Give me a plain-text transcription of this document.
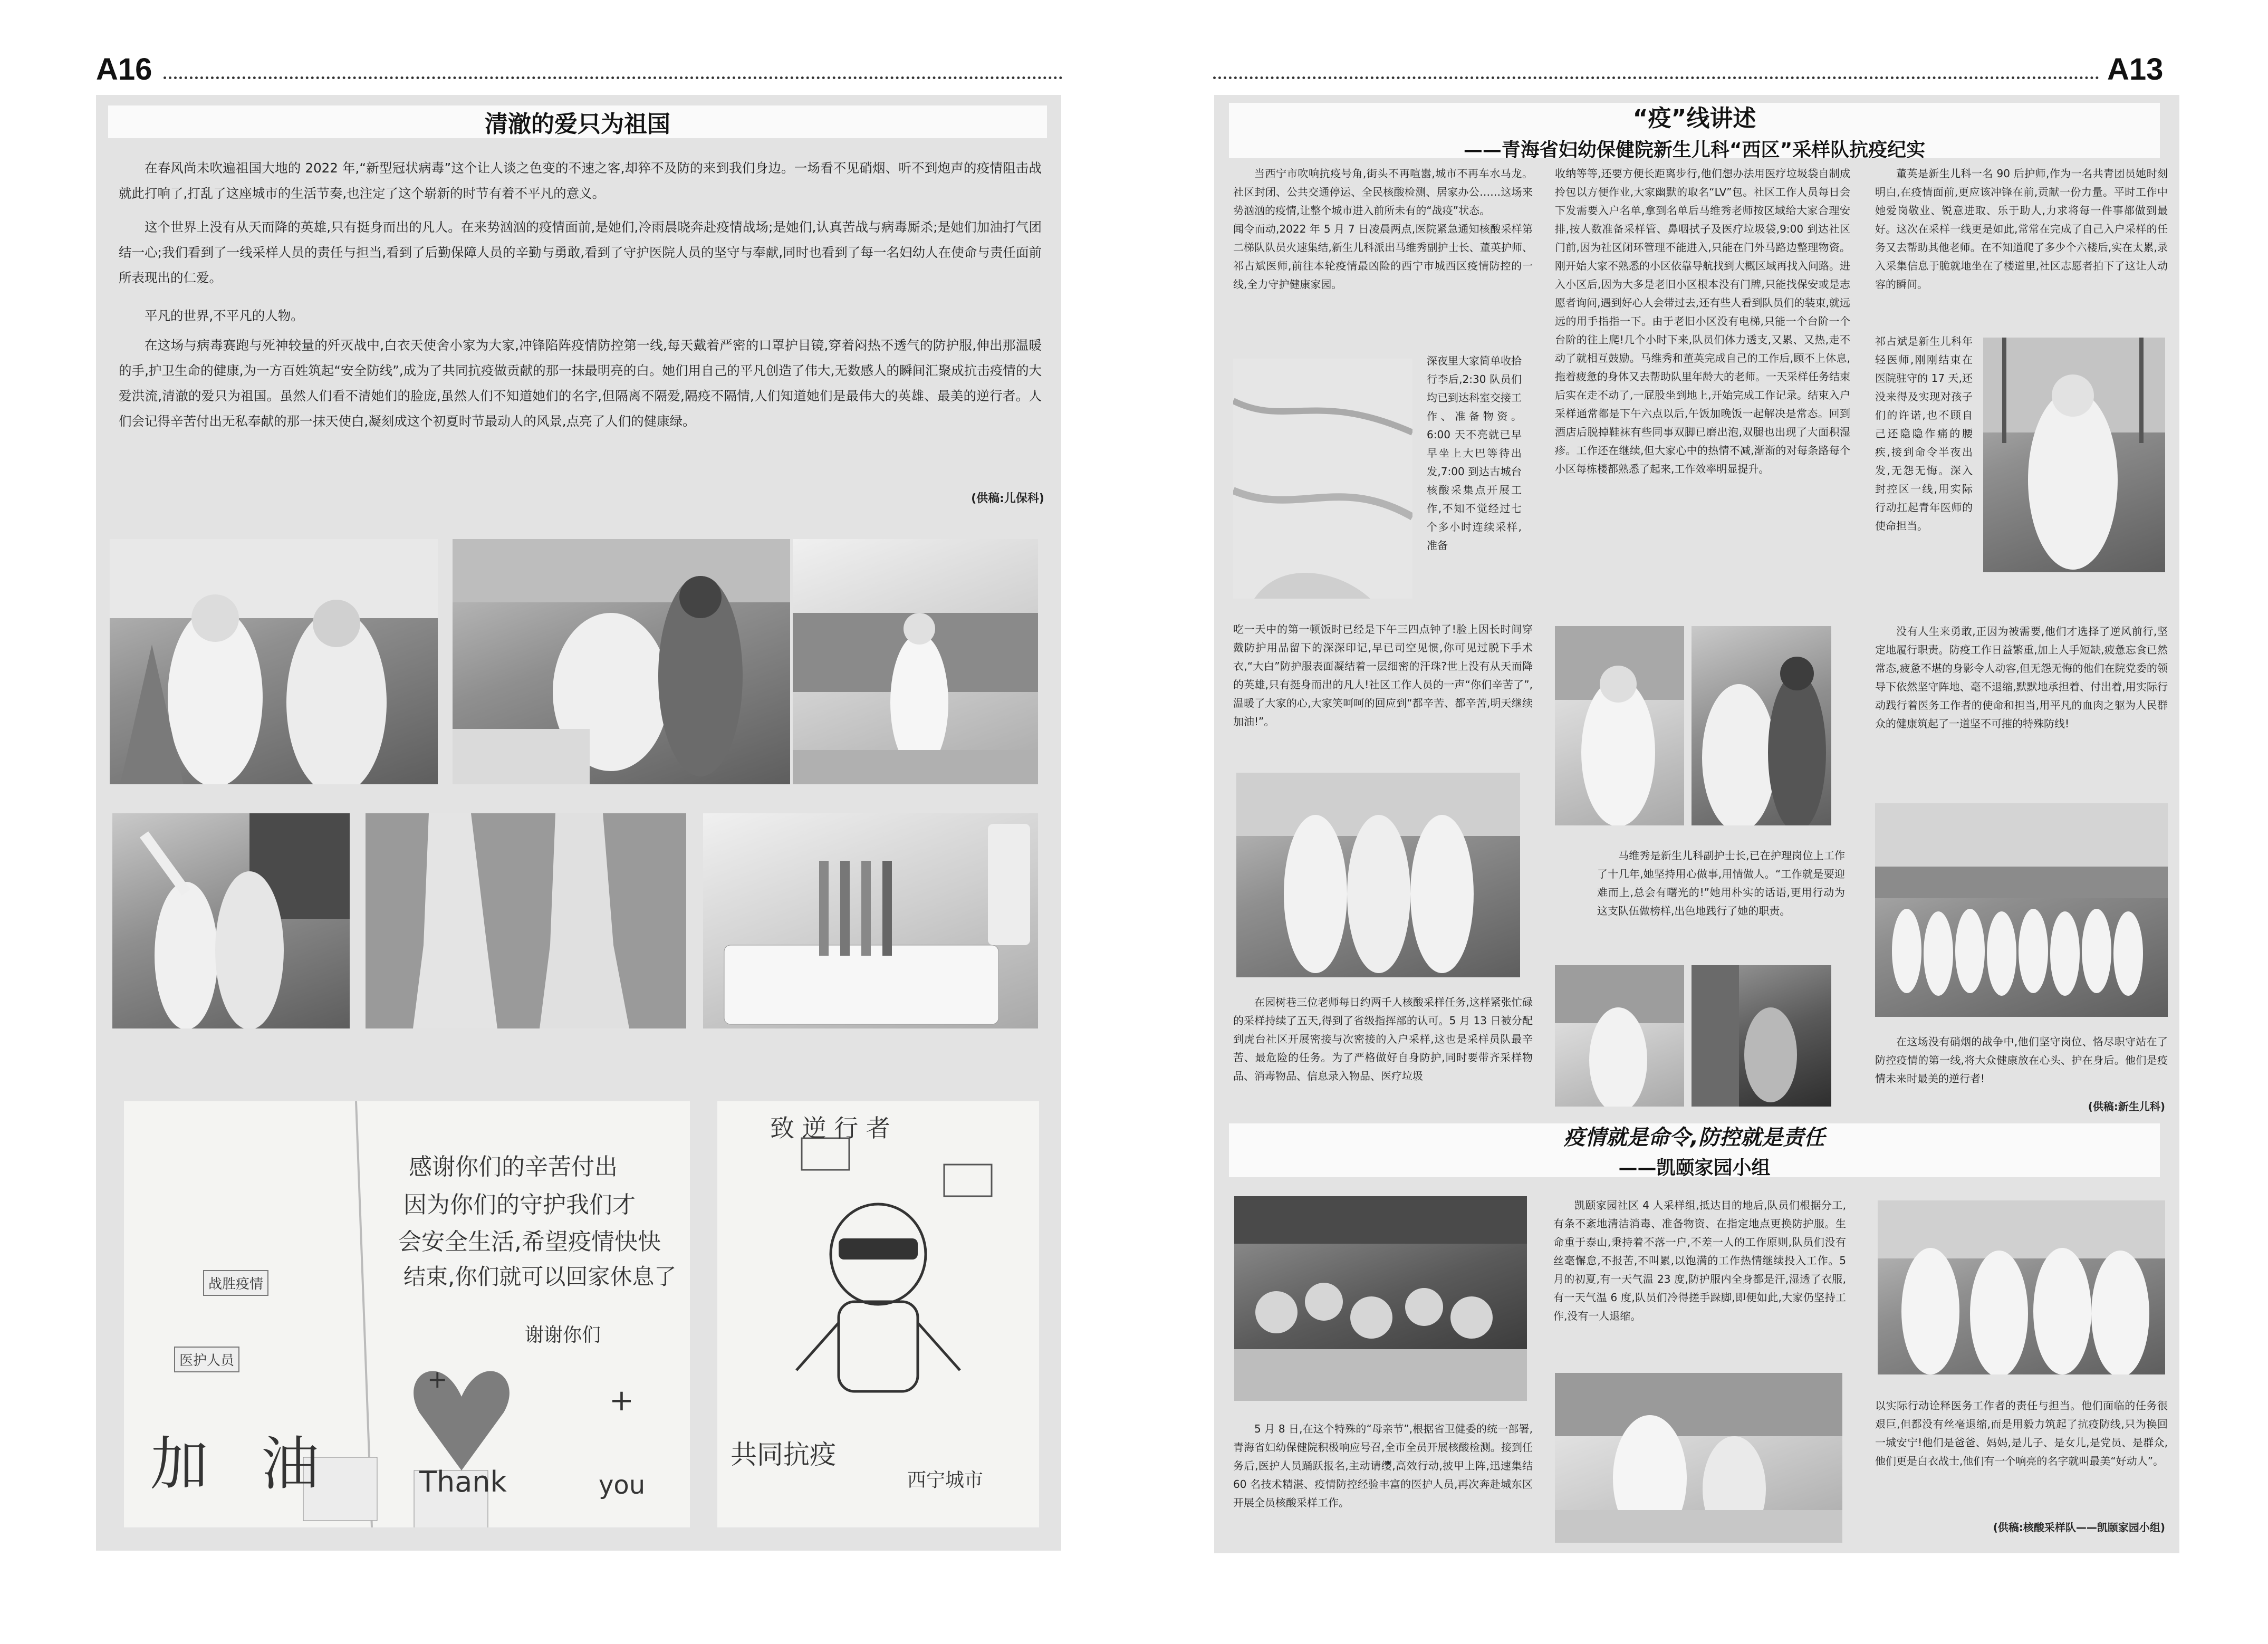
A16
清澈的爱只为祖国

在春风尚未吹遍祖国大地的 2022 年,“新型冠状病毒”这个让人谈之色变的不速之客,却猝不及防的来到我们身边。一场看不见硝烟、听不到炮声的疫情阻击战就此打响了,打乱了这座城市的生活节奏,也注定了这个崭新的时节有着不平凡的意义。

这个世界上没有从天而降的英雄,只有挺身而出的凡人。在来势汹汹的疫情面前,是她们,冷雨晨晓奔赴疫情战场;是她们,认真苦战与病毒厮杀;是她们加油打气团结一心;我们看到了一线采样人员的责任与担当,看到了后勤保障人员的辛勤与勇敢,看到了守护医院人员的坚守与奉献,同时也看到了每一名妇幼人在使命与责任面前所表现出的仁爱。

平凡的世界,不平凡的人物。

在这场与病毒赛跑与死神较量的歼灭战中,白衣天使舍小家为大家,冲锋陷阵疫情防控第一线,每天戴着严密的口罩护目镜,穿着闷热不透气的防护服,伸出那温暖的手,护卫生命的健康,为一方百姓筑起“安全防线”,成为了共同抗疫做贡献的那一抹最明亮的白。她们用自己的平凡创造了伟大,无数感人的瞬间汇聚成抗击疫情的大爱洪流,清澈的爱只为祖国。虽然人们看不清她们的脸庞,虽然人们不知道她们的名字,但隔离不隔爱,隔疫不隔情,人们知道她们是最伟大的英雄、最美的逆行者。人们会记得辛苦付出无私奉献的那一抹天使白,凝刻成这个初夏时节最动人的风景,点亮了人们的健康绿。

(供稿:儿保科)
感谢你们的辛苦付出
因为你们的守护我们才
会安全生活,希望疫情快快
结束,你们就可以回家休息了
战胜疫情
医护人员
谢谢你们
+
+
加 油	Thank	you
致 逆 行 者
共同抗疫
西宁城市
A13
“疫”线讲述
——青海省妇幼保健院新生儿科“西区”采样队抗疫纪实

当西宁市吹响抗疫号角,街头不再喧嚣,城市不再车水马龙。社区封闭、公共交通停运、全民核酸检测、居家办公……这场来势汹汹的疫情,让整个城市进入前所未有的“战疫”状态。
闻令而动,2022 年 5 月 7 日凌晨两点,医院紧急通知核酸采样第二梯队队员火速集结,新生儿科派出马维秀副护士长、董英护师、祁占斌医师,前往本轮疫情最凶险的西宁市城西区疫情防控的一线,全力守护健康家园。

深夜里大家简单收拾行李后,2:30 队员们均已到达科室交接工作、准备物资。6:00 天不亮就已早早坐上大巴等待出发,7:00 到达古城台核酸采集点开展工作,不知不觉经过七个多小时连续采样,准备

吃一天中的第一顿饭时已经是下午三四点钟了!脸上因长时间穿戴防护用品留下的深深印记,早已司空见惯,你可见过脱下手术衣,“大白”防护服表面凝结着一层细密的汗珠?世上没有从天而降的英雄,只有挺身而出的凡人!社区工作人员的一声“你们辛苦了”,温暖了大家的心,大家笑呵呵的回应到“都辛苦、都辛苦,明天继续加油!”。

在园树巷三位老师每日约两千人核酸采样任务,这样紧张忙碌的采样持续了五天,得到了省级指挥部的认可。5 月 13 日被分配到虎台社区开展密接与次密接的入户采样,这也是采样员队最辛苦、最危险的任务。为了严格做好自身防护,同时要带齐采样物品、消毒物品、信息录入物品、医疗垃圾

收纳等等,还要方便长距离步行,他们想办法用医疗垃圾袋自制成拎包以方便作业,大家幽默的取名“LV”包。社区工作人员每日会下发需要入户名单,拿到名单后马维秀老师按区域给大家合理安排,按人数准备采样管、鼻咽拭子及医疗垃圾袋,9:00 到达社区门前,因为社区闭环管理不能进入,只能在门外马路边整理物资。刚开始大家不熟悉的小区依靠导航找到大概区域再找入问路。进入小区后,因为大多是老旧小区根本没有门牌,只能找保安或是志愿者询问,遇到好心人会带过去,还有些人看到队员们的装束,就远远的用手指指一下。由于老旧小区没有电梯,只能一个台阶一个台阶的往上爬!几个小时下来,队员们体力透支,又累、又热,走不动了就相互鼓励。马维秀和董英完成自己的工作后,顾不上休息,拖着疲惫的身体又去帮助队里年龄大的老师。一天采样任务结束后实在走不动了,一屁股坐到地上,开始完成工作记录。结束入户采样通常都是下午六点以后,午饭加晚饭一起解决是常态。回到酒店后脱掉鞋袜有些同事双脚已磨出泡,双腿也出现了大面积湿疹。工作还在继续,但大家心中的热情不减,渐渐的对每条路每个小区每栋楼都熟悉了起来,工作效率明显提升。

马维秀是新生儿科副护士长,已在护理岗位上工作了十几年,她坚持用心做事,用情做人。“工作就是要迎难而上,总会有曙光的!”她用朴实的话语,更用行动为这支队伍做榜样,出色地践行了她的职责。

董英是新生儿科一名 90 后护师,作为一名共青团员她时刻明白,在疫情面前,更应该冲锋在前,贡献一份力量。平时工作中她爱岗敬业、锐意进取、乐于助人,力求将每一件事都做到最好。这次在采样一线更是如此,常常在完成了自己入户采样的任务又去帮助其他老师。在不知道爬了多少个六楼后,实在太累,录入采集信息于脆就地坐在了楼道里,社区志愿者拍下了这让人动容的瞬间。

祁占斌是新生儿科年轻医师,刚刚结束在医院驻守的 17 天,还没来得及实现对孩子们的许诺,也不顾自己还隐隐作痛的腰疾,接到命令半夜出发,无怨无悔。深入封控区一线,用实际行动扛起青年医师的使命担当。

没有人生来勇敢,正因为被需要,他们才选择了逆风前行,坚定地履行职责。防疫工作日益繁重,加上人手短缺,疲惫忘食已然常态,疲惫不堪的身影令人动容,但无怨无悔的他们在院党委的领导下依然坚守阵地、毫不退缩,默默地承担着、付出着,用实际行动践行着医务工作者的使命和担当,用平凡的血肉之躯为人民群众的健康筑起了一道坚不可摧的特殊防线!

在这场没有硝烟的战争中,他们坚守岗位、恪尽职守站在了防控疫情的第一线,将大众健康放在心头、护在身后。他们是疫情未来时最美的逆行者!

(供稿:新生儿科)
疫情就是命令,防控就是责任
——凯颐家园小组

5 月 8 日,在这个特殊的“母亲节”,根据省卫健委的统一部署,青海省妇幼保健院积极响应号召,全市全员开展核酸检测。接到任务后,医护人员踊跃报名,主动请缨,高效行动,披甲上阵,迅速集结 60 名技术精湛、疫情防控经验丰富的医护人员,再次奔赴城东区开展全员核酸采样工作。

凯颐家园社区 4 人采样组,抵达目的地后,队员们根据分工,有条不紊地清洁消毒、准备物资、在指定地点更换防护服。生命重于泰山,秉持着不落一户,不差一人的工作原则,队员们没有丝毫懈怠,不报苦,不叫累,以饱满的工作热情继续投入工作。5 月的初夏,有一天气温 23 度,防护服内全身都是汗,湿透了衣服,有一天气温 6 度,队员们冷得搓手跺脚,即便如此,大家仍坚持工作,没有一人退缩。

以实际行动诠释医务工作者的责任与担当。他们面临的任务很艰巨,但都没有丝毫退缩,而是用毅力筑起了抗疫防线,只为换回一城安宁!他们是爸爸、妈妈,是儿子、是女儿,是党员、是群众,他们更是白衣战士,他们有一个响亮的名字就叫最美“好动人”。

(供稿:核酸采样队——凯颐家园小组)
